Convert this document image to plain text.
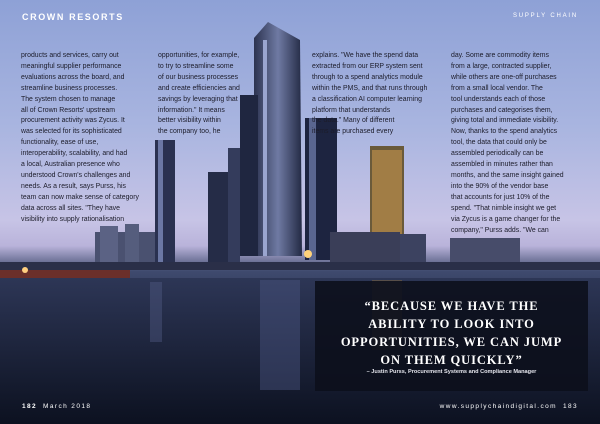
CROWN RESORTS	SUPPLY CHAIN

products and services, carry out
meaningful supplier performance
evaluations across the board, and
streamline business processes.
The system chosen to manage
all of Crown Resorts' upstream
procurement activity was Zycus. It
was selected for its sophisticated
functionality, ease of use,
interoperability, scalability, and had
a local, Australian presence who
understood Crown's challenges and
needs. As a result, says Purss, his
team can now make sense of category
data across all sites. "They have
visibility into supply rationalisation

opportunities, for example,
to try to streamline some
of our business processes
and create efficiencies and
savings by leveraging that
information." It means
better visibility within
the company too, he

explains. "We have the spend data
extracted from our ERP system sent
through to a spend analytics module
within the PMS, and that runs through
a classification AI computer learning
platform that understands
the data." Many of different
items are purchased every

day. Some are commodity items
from a large, contracted supplier,
while others are one-off purchases
from a small local vendor. The
tool understands each of those
purchases and categorises them,
giving total and immediate visibility.
Now, thanks to the spend analytics
tool, the data that could only be
assembled periodically can be
assembled in minutes rather than
months, and the same insight gained
into the 90% of the vendor base
that accounts for just 10% of the
spend. "That nimble insight we get
via Zycus is a game changer for the
company," Purss adds. "We can

“BECAUSE WE HAVE THE
ABILITY TO LOOK INTO
OPPORTUNITIES, WE CAN JUMP
ON THEM QUICKLY”
– Justin Purss, Procurement Systems and Compliance Manager
182 March 2018	www.supplychaindigital.com 183
